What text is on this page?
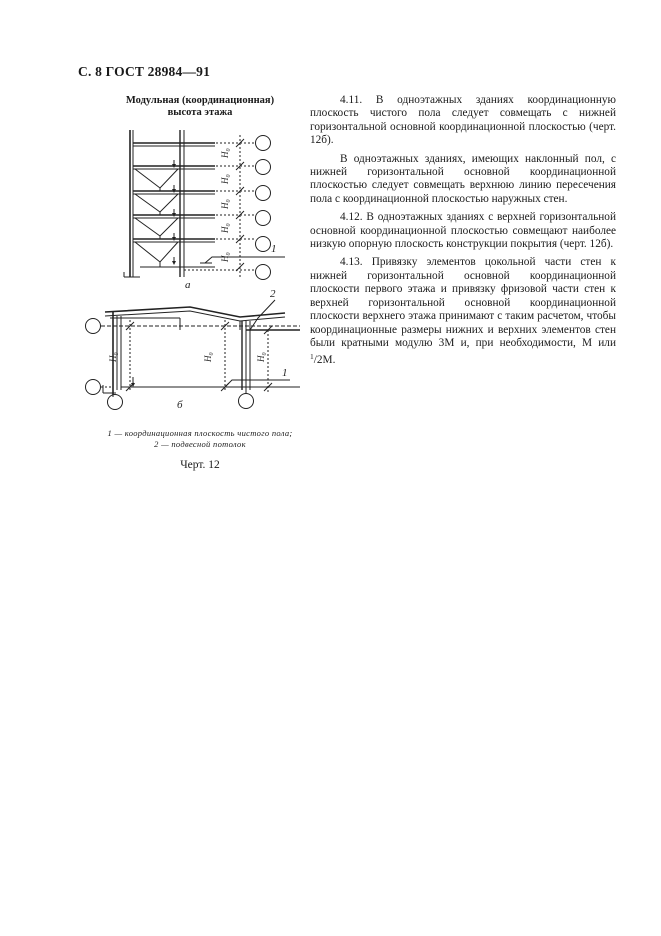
С. 8 ГОСТ 28984—91
Модульная (координационная)
высота этажа
$Н_0$
$Н_0$
$Н_0$
$Н_0$
$Н_0$	1
а
$Н_0$
$Н_0$
$Н_0$
2
1
б
1 — координационная плоскость чистого пола;
2 — подвесной потолок
Черт. 12

4.11. В одноэтажных зданиях координационную плоскость чистого пола следует совмещать с нижней горизонтальной основной координационной плоскостью (черт. 12б).

В одноэтажных зданиях, имеющих наклонный пол, с нижней горизонтальной основной координационной плоскостью следует совмещать верхнюю линию пересечения пола с координационной плоскостью наружных стен.

4.12. В одноэтажных зданиях с верхней горизонтальной основной координационной плоскостью совмещают наиболее низкую опорную плоскость конструкции покрытия (черт. 12б).

4.13. Привязку элементов цокольной части стен к нижней горизонтальной основной координационной плоскости первого этажа и привязку фризовой части стен к верхней горизонтальной основной координационной плоскости верхнего этажа принимают с таким расчетом, чтобы координационные размеры нижних и верхних элементов стен были кратными модулю 3М и, при необходимости, М или $^1$/2М.
